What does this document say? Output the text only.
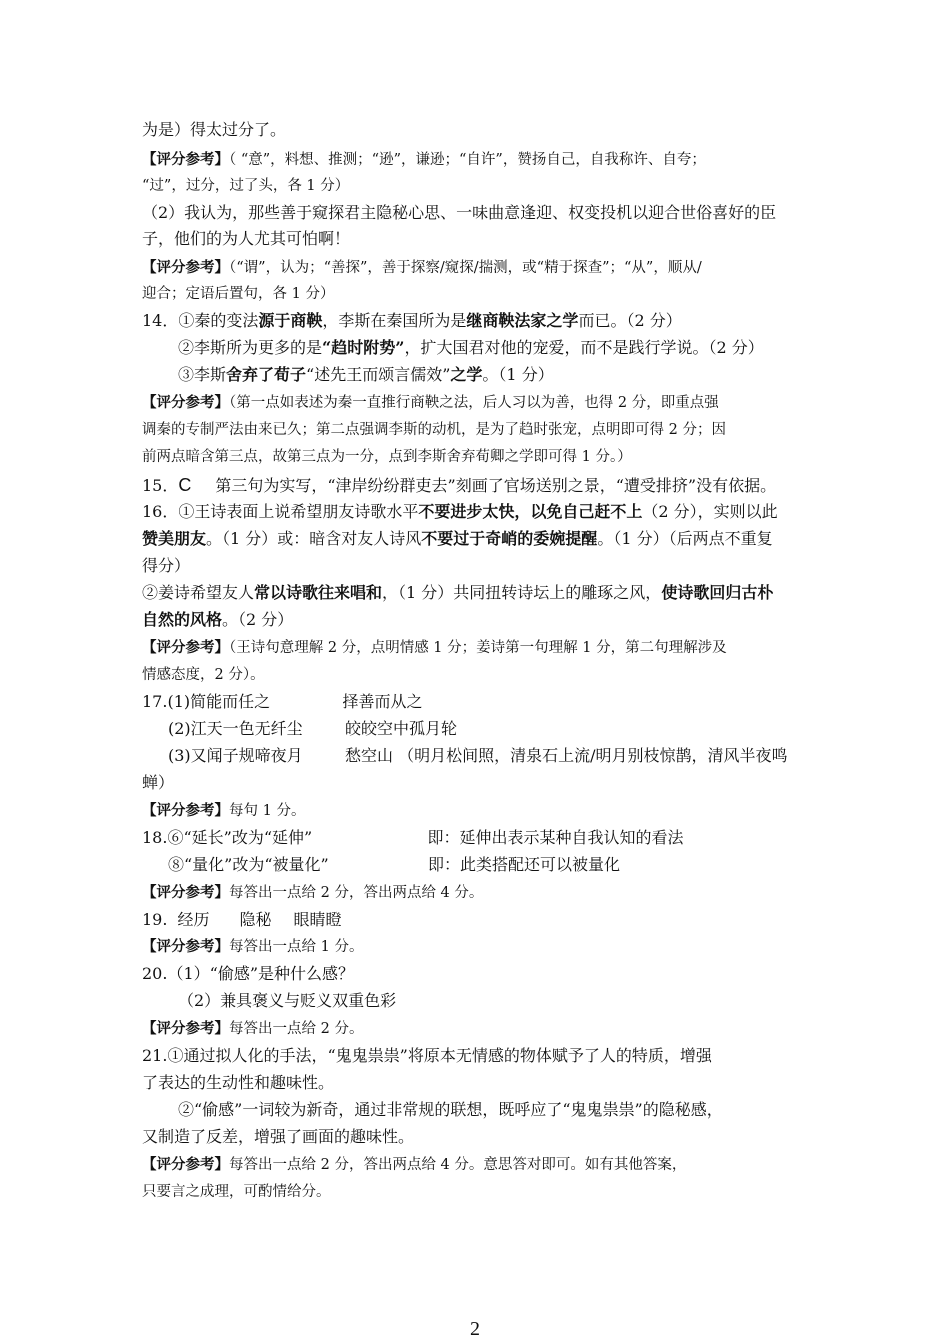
为是）得太过分了。
【评分参考】（ “意”，料想、推测；“逊”，谦逊；“自许”，赞扬自己，自我称许、自夸；
“过”，过分，过了头，各 1 分）
（2）我认为，那些善于窥探君主隐秘心思、一味曲意逢迎、权变投机以迎合世俗喜好的臣
子，他们的为人尤其可怕啊！
【评分参考】（“谓”，认为；“善探”，善于探察/窥探/揣测，或“精于探查”；“从”，顺从/
迎合；定语后置句，各 1 分）
14．①秦的变法源于商鞅，李斯在秦国所为是继商鞅法家之学而已。（2 分）
②李斯所为更多的是“趋时附势”，扩大国君对他的宠爱，而不是践行学说。（2 分）
③李斯舍弃了荀子“述先王而颂言儒效”之学。（1 分）
【评分参考】（第一点如表述为秦一直推行商鞅之法，后人习以为善，也得 2 分，即重点强
调秦的专制严法由来已久；第二点强调李斯的动机，是为了趋时张宠，点明即可得 2 分；因
前两点暗含第三点，故第三点为一分，点到李斯舍弃荀卿之学即可得 1 分。）
15．C 第三句为实写，“津岸纷纷群吏去”刻画了官场送别之景，“遭受排挤”没有依据。
16．①王诗表面上说希望朋友诗歌水平不要进步太快，以免自己赶不上（2 分），实则以此
赞美朋友。（1 分）或：暗含对友人诗风不要过于奇峭的委婉提醒。（1 分）（后两点不重复
得分）
②姜诗希望友人常以诗歌往来唱和，（1 分）共同扭转诗坛上的雕琢之风，使诗歌回归古朴
自然的风格。（2 分）
【评分参考】（王诗句意理解 2 分，点明情感 1 分；姜诗第一句理解 1 分，第二句理解涉及
情感态度，2 分）。
17.(1)简能而任之	择善而从之
(2)江天一色无纤尘	皎皎空中孤月轮
(3)又闻子规啼夜月	愁空山 （明月松间照，清泉石上流/明月别枝惊鹊，清风半夜鸣
蝉）
【评分参考】每句 1 分。
18.⑥“延长”改为“延伸”	即：延伸出表示某种自我认知的看法
⑧“量化”改为“被量化”	即：此类搭配还可以被量化
【评分参考】每答出一点给 2 分，答出两点给 4 分。
19. 经历 隐秘 眼睛瞪
【评分参考】每答出一点给 1 分。
20.（1）“偷感”是种什么感？
（2）兼具褒义与贬义双重色彩
【评分参考】每答出一点给 2 分。
21.①通过拟人化的手法，“鬼鬼祟祟”将原本无情感的物体赋予了人的特质，增强
了表达的生动性和趣味性。
②“偷感”一词较为新奇，通过非常规的联想，既呼应了“鬼鬼祟祟”的隐秘感，
又制造了反差，增强了画面的趣味性。
【评分参考】每答出一点给 2 分，答出两点给 4 分。意思答对即可。如有其他答案，
只要言之成理，可酌情给分。
2
